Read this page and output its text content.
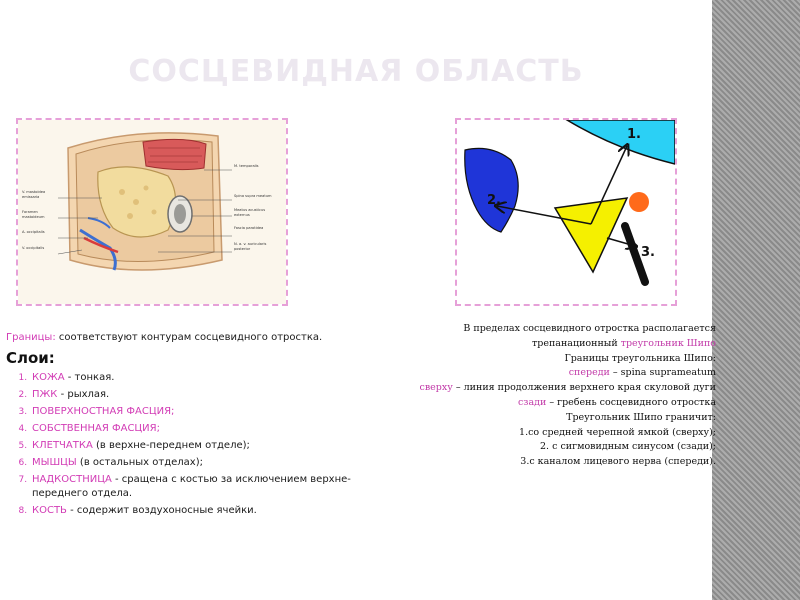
СОСЦЕВИДНАЯ ОБЛАСТЬ
V. mastoidea
emissaria
Foramen
mastoideum
A. occipitalis
V. occipitalis
M. temporalis
Spina supra meatum
Meatus acusticus
externus
Fascia parotidea
N. a. v. auricularis
posterior
1.
2.
3.
Границы: соответствуют контурам сосцевидного отростка.
Слои:
1. КОЖА - тонкая.
2. ПЖК - рыхлая.
3. ПОВЕРХНОСТНАЯ ФАСЦИЯ;
4. СОБСТВЕННАЯ ФАСЦИЯ;
5. КЛЕТЧАТКА (в верхне-переднем отделе);
6. МЫШЦЫ (в остальных отделах);
7. НАДКОСТНИЦА - сращена с костью за исключением верхне-переднего отдела.
8. КОСТЬ - содержит воздухоносные ячейки.
В пределах сосцевидного отростка располагается
трепанационный треугольник Шипо
Границы треугольника Шипо:
спереди – spina suprameatum
сверху – линия продолжения верхнего края скуловой дуги
сзади – гребень сосцевидного отростка
Треугольник Шипо граничит:
1.со средней черепной ямкой (сверху);
2. с сигмовидным синусом (сзади);
3.с каналом лицевого нерва (спереди).
